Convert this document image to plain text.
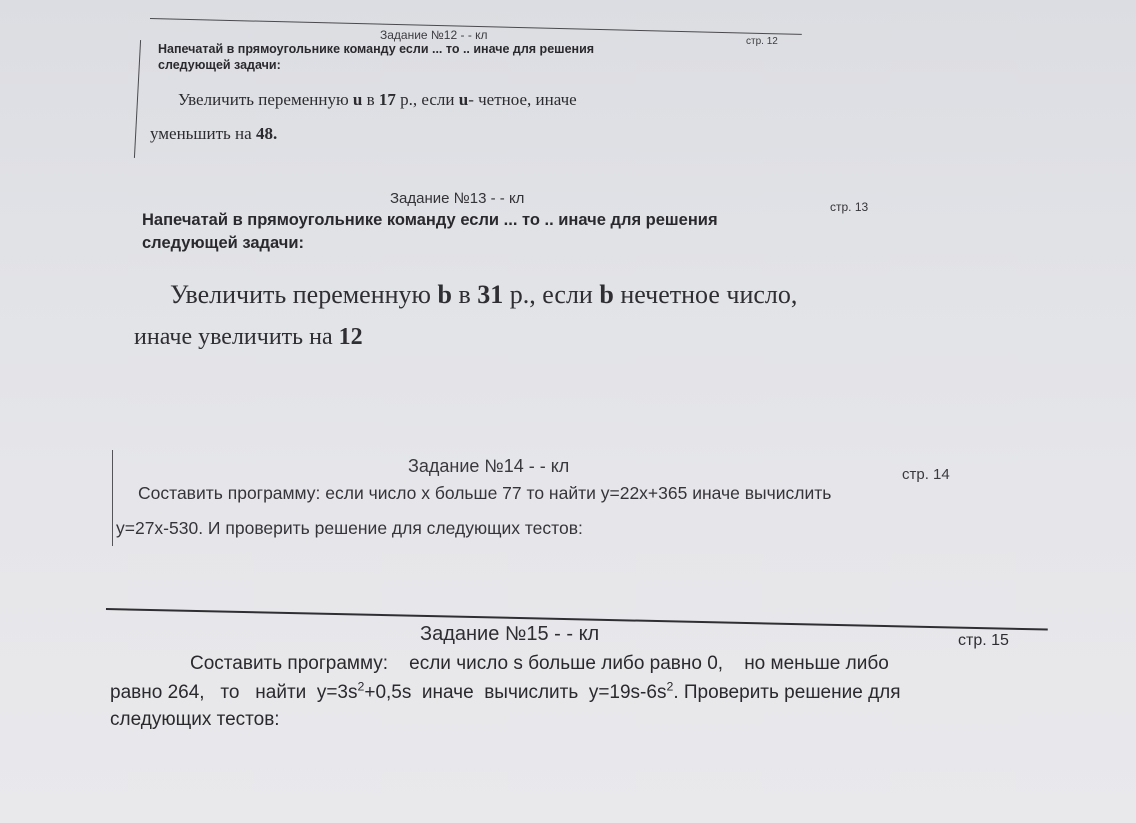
Задание №12 - - кл	стр. 12
Напечатай в прямоугольнике команду если ... то .. иначе для решения
следующей задачи:
Увеличить переменную u в 17 р., если u- четное, иначе
уменьшить на 48.
Задание №13 - - кл	стр. 13
Напечатай в прямоугольнике команду если ... то .. иначе для решения
следующей задачи:
Увеличить переменную b в 31 р., если b нечетное число,
иначе увеличить на 12
Задание №14 - - кл	стр. 14
Составить программу: если число x больше 77 то найти y=22x+365 иначе вычислить
y=27x-530. И проверить решение для следующих тестов:
Задание №15 - - кл	стр. 15
Составить программу:    если число s больше либо равно 0,    но меньше либо
равно 264,   то   найти  $y=3s^2+0,5s$  иначе  вычислить  $y=19s-6s^2$. Проверить решение для
следующих тестов:
